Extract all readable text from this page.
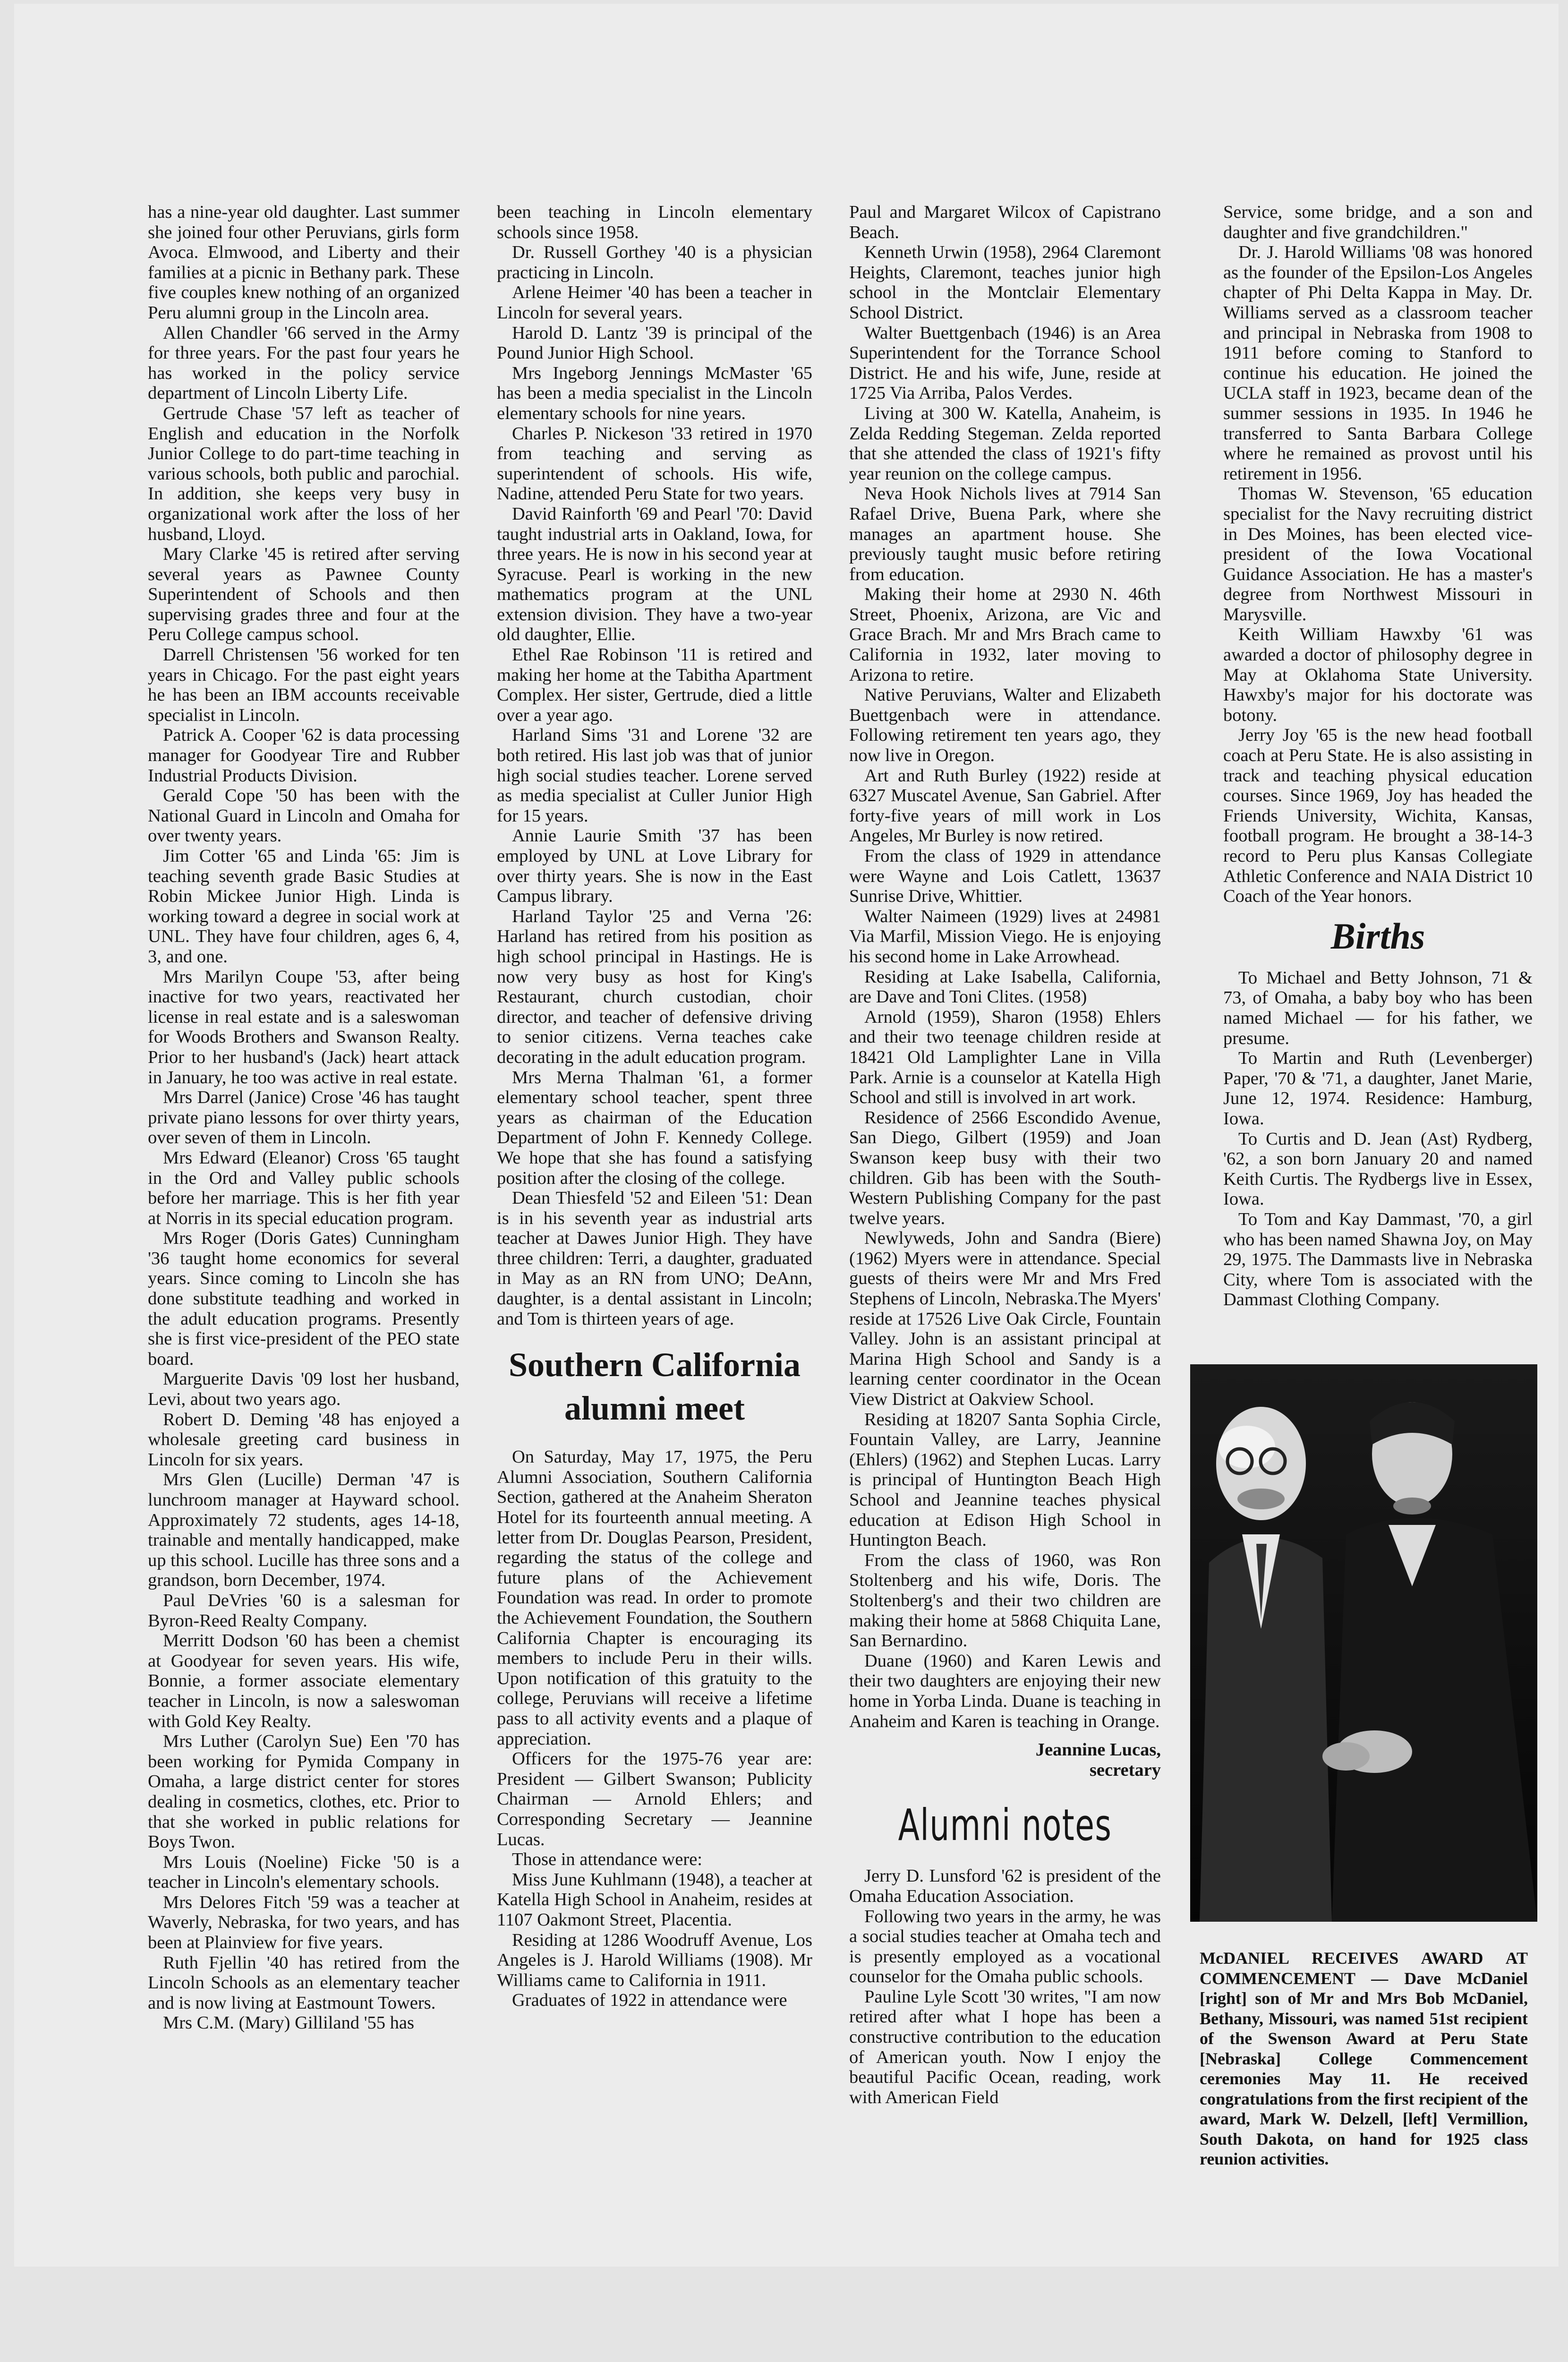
has a nine-year old daughter. Last summer she joined four other Peruvians, girls form Avoca. Elmwood, and Liberty and their families at a picnic in Bethany park. These five couples knew nothing of an organized Peru alumni group in the Lincoln area.

Allen Chandler '66 served in the Army for three years. For the past four years he has worked in the policy service department of Lincoln Liberty Life.

Gertrude Chase '57 left as teacher of English and education in the Norfolk Junior College to do part-time teaching in various schools, both public and parochial. In addition, she keeps very busy in organizational work after the loss of her husband, Lloyd.

Mary Clarke '45 is retired after serving several years as Pawnee County Superintendent of Schools and then supervising grades three and four at the Peru College campus school.

Darrell Christensen '56 worked for ten years in Chicago. For the past eight years he has been an IBM accounts receivable specialist in Lincoln.

Patrick A. Cooper '62 is data processing manager for Goodyear Tire and Rubber Industrial Products Division.

Gerald Cope '50 has been with the National Guard in Lincoln and Omaha for over twenty years.

Jim Cotter '65 and Linda '65: Jim is teaching seventh grade Basic Studies at Robin Mickee Junior High. Linda is working toward a degree in social work at UNL. They have four children, ages 6, 4, 3, and one.

Mrs Marilyn Coupe '53, after being inactive for two years, reactivated her license in real estate and is a saleswoman for Woods Brothers and Swanson Realty. Prior to her husband's (Jack) heart attack in January, he too was active in real estate.

Mrs Darrel (Janice) Crose '46 has taught private piano lessons for over thirty years, over seven of them in Lincoln.

Mrs Edward (Eleanor) Cross '65 taught in the Ord and Valley public schools before her marriage. This is her fith year at Norris in its special education program.

Mrs Roger (Doris Gates) Cunningham '36 taught home economics for several years. Since coming to Lincoln she has done substitute teadhing and worked in the adult education programs. Presently she is first vice-president of the PEO state board.

Marguerite Davis '09 lost her husband, Levi, about two years ago.

Robert D. Deming '48 has enjoyed a wholesale greeting card business in Lincoln for six years.

Mrs Glen (Lucille) Derman '47 is lunchroom manager at Hayward school. Approximately 72 students, ages 14-18, trainable and mentally handicapped, make up this school. Lucille has three sons and a grandson, born December, 1974.

Paul DeVries '60 is a salesman for Byron-Reed Realty Company.

Merritt Dodson '60 has been a chemist at Goodyear for seven years. His wife, Bonnie, a former associate elementary teacher in Lincoln, is now a saleswoman with Gold Key Realty.

Mrs Luther (Carolyn Sue) Een '70 has been working for Pymida Company in Omaha, a large district center for stores dealing in cosmetics, clothes, etc. Prior to that she worked in public relations for Boys Twon.

Mrs Louis (Noeline) Ficke '50 is a teacher in Lincoln's elementary schools.

Mrs Delores Fitch '59 was a teacher at Waverly, Nebraska, for two years, and has been at Plainview for five years.

Ruth Fjellin '40 has retired from the Lincoln Schools as an elementary teacher and is now living at Eastmount Towers.

Mrs C.M. (Mary) Gilliland '55 has

been teaching in Lincoln elementary schools since 1958.

Dr. Russell Gorthey '40 is a physician practicing in Lincoln.

Arlene Heimer '40 has been a teacher in Lincoln for several years.

Harold D. Lantz '39 is principal of the Pound Junior High School.

Mrs Ingeborg Jennings McMaster '65 has been a media specialist in the Lincoln elementary schools for nine years.

Charles P. Nickeson '33 retired in 1970 from teaching and serving as superintendent of schools. His wife, Nadine, attended Peru State for two years.

David Rainforth '69 and Pearl '70: David taught industrial arts in Oakland, Iowa, for three years. He is now in his second year at Syracuse. Pearl is working in the new mathematics program at the UNL extension division. They have a two-year old daughter, Ellie.

Ethel Rae Robinson '11 is retired and making her home at the Tabitha Apartment Complex. Her sister, Gertrude, died a little over a year ago.

Harland Sims '31 and Lorene '32 are both retired. His last job was that of junior high social studies teacher. Lorene served as media specialist at Culler Junior High for 15 years.

Annie Laurie Smith '37 has been employed by UNL at Love Library for over thirty years. She is now in the East Campus library.

Harland Taylor '25 and Verna '26: Harland has retired from his position as high school principal in Hastings. He is now very busy as host for King's Restaurant, church custodian, choir director, and teacher of defensive driving to senior citizens. Verna teaches cake decorating in the adult education program.

Mrs Merna Thalman '61, a former elementary school teacher, spent three years as chairman of the Education Department of John F. Kennedy College. We hope that she has found a satisfying position after the closing of the college.

Dean Thiesfeld '52 and Eileen '51: Dean is in his seventh year as industrial arts teacher at Dawes Junior High. They have three children: Terri, a daughter, graduated in May as an RN from UNO; DeAnn, daughter, is a dental assistant in Lincoln; and Tom is thirteen years of age.

Southern California
alumni meet

On Saturday, May 17, 1975, the Peru Alumni Association, Southern California Section, gathered at the Anaheim Sheraton Hotel for its fourteenth annual meeting. A letter from Dr. Douglas Pearson, President, regarding the status of the college and future plans of the Achievement Foundation was read. In order to promote the Achievement Foundation, the Southern California Chapter is encouraging its members to include Peru in their wills. Upon notification of this gratuity to the college, Peruvians will receive a lifetime pass to all activity events and a plaque of appreciation.

Officers for the 1975-76 year are: President — Gilbert Swanson; Publicity Chairman — Arnold Ehlers; and Corresponding Secretary — Jeannine Lucas.

Those in attendance were:

Miss June Kuhlmann (1948), a teacher at Katella High School in Anaheim, resides at 1107 Oakmont Street, Placentia.

Residing at 1286 Woodruff Avenue, Los Angeles is J. Harold Williams (1908). Mr Williams came to California in 1911.

Graduates of 1922 in attendance were

Paul and Margaret Wilcox of Capistrano Beach.

Kenneth Urwin (1958), 2964 Claremont Heights, Claremont, teaches junior high school in the Montclair Elementary School District.

Walter Buettgenbach (1946) is an Area Superintendent for the Torrance School District. He and his wife, June, reside at 1725 Via Arriba, Palos Verdes.

Living at 300 W. Katella, Anaheim, is Zelda Redding Stegeman. Zelda reported that she attended the class of 1921's fifty year reunion on the college campus.

Neva Hook Nichols lives at 7914 San Rafael Drive, Buena Park, where she manages an apartment house. She previously taught music before retiring from education.

Making their home at 2930 N. 46th Street, Phoenix, Arizona, are Vic and Grace Brach. Mr and Mrs Brach came to California in 1932, later moving to Arizona to retire.

Native Peruvians, Walter and Elizabeth Buettgenbach were in attendance. Following retirement ten years ago, they now live in Oregon.

Art and Ruth Burley (1922) reside at 6327 Muscatel Avenue, San Gabriel. After forty-five years of mill work in Los Angeles, Mr Burley is now retired.

From the class of 1929 in attendance were Wayne and Lois Catlett, 13637 Sunrise Drive, Whittier.

Walter Naimeen (1929) lives at 24981 Via Marfil, Mission Viego. He is enjoying his second home in Lake Arrowhead.

Residing at Lake Isabella, California, are Dave and Toni Clites. (1958)

Arnold (1959), Sharon (1958) Ehlers and their two teenage children reside at 18421 Old Lamplighter Lane in Villa Park. Arnie is a counselor at Katella High School and still is involved in art work.

Residence of 2566 Escondido Avenue, San Diego, Gilbert (1959) and Joan Swanson keep busy with their two children. Gib has been with the South-Western Publishing Company for the past twelve years.

Newlyweds, John and Sandra (Biere) (1962) Myers were in attendance. Special guests of theirs were Mr and Mrs Fred Stephens of Lincoln, Nebraska.The Myers' reside at 17526 Live Oak Circle, Fountain Valley. John is an assistant principal at Marina High School and Sandy is a learning center coordinator in the Ocean View District at Oakview School.

Residing at 18207 Santa Sophia Circle, Fountain Valley, are Larry, Jeannine (Ehlers) (1962) and Stephen Lucas. Larry is principal of Huntington Beach High School and Jeannine teaches physical education at Edison High School in Huntington Beach.

From the class of 1960, was Ron Stoltenberg and his wife, Doris. The Stoltenberg's and their two children are making their home at 5868 Chiquita Lane, San Bernardino.

Duane (1960) and Karen Lewis and their two daughters are enjoying their new home in Yorba Linda. Duane is teaching in Anaheim and Karen is teaching in Orange.

Jeannine Lucas,
secretary
Alumni notes

Jerry D. Lunsford '62 is president of the Omaha Education Association.

Following two years in the army, he was a social studies teacher at Omaha tech and is presently employed as a vocational counselor for the Omaha public schools.

Pauline Lyle Scott '30 writes, "I am now retired after what I hope has been a constructive contribution to the education of American youth. Now I enjoy the beautiful Pacific Ocean, reading, work with American Field

Service, some bridge, and a son and daughter and five grandchildren."

Dr. J. Harold Williams '08 was honored as the founder of the Epsilon-Los Angeles chapter of Phi Delta Kappa in May. Dr. Williams served as a classroom teacher and principal in Nebraska from 1908 to 1911 before coming to Stanford to continue his education. He joined the UCLA staff in 1923, became dean of the summer sessions in 1935. In 1946 he transferred to Santa Barbara College where he remained as provost until his retirement in 1956.

Thomas W. Stevenson, '65 education specialist for the Navy recruiting district in Des Moines, has been elected vice-president of the Iowa Vocational Guidance Association. He has a master's degree from Northwest Missouri in Marysville.

Keith William Hawxby '61 was awarded a doctor of philosophy degree in May at Oklahoma State University. Hawxby's major for his doctorate was botony.

Jerry Joy '65 is the new head football coach at Peru State. He is also assisting in track and teaching physical education courses. Since 1969, Joy has headed the Friends University, Wichita, Kansas, football program. He brought a 38-14-3 record to Peru plus Kansas Collegiate Athletic Conference and NAIA District 10 Coach of the Year honors.

Births

To Michael and Betty Johnson, 71 & 73, of Omaha, a baby boy who has been named Michael — for his father, we presume.

To Martin and Ruth (Levenberger) Paper, '70 & '71, a daughter, Janet Marie, June 12, 1974. Residence: Hamburg, Iowa.

To Curtis and D. Jean (Ast) Rydberg, '62, a son born January 20 and named Keith Curtis. The Rydbergs live in Essex, Iowa.

To Tom and Kay Dammast, '70, a girl who has been named Shawna Joy, on May 29, 1975. The Dammasts live in Nebraska City, where Tom is associated with the Dammast Clothing Company.

McDANIEL RECEIVES AWARD AT COMMENCEMENT — Dave McDaniel [right] son of Mr and Mrs Bob McDaniel, Bethany, Missouri, was named 51st recipient of the Swenson Award at Peru State [Nebraska] College Commencement ceremonies May 11. He received congratulations from the first recipient of the award, Mark W. Delzell, [left] Vermillion, South Dakota, on hand for 1925 class reunion activities.
